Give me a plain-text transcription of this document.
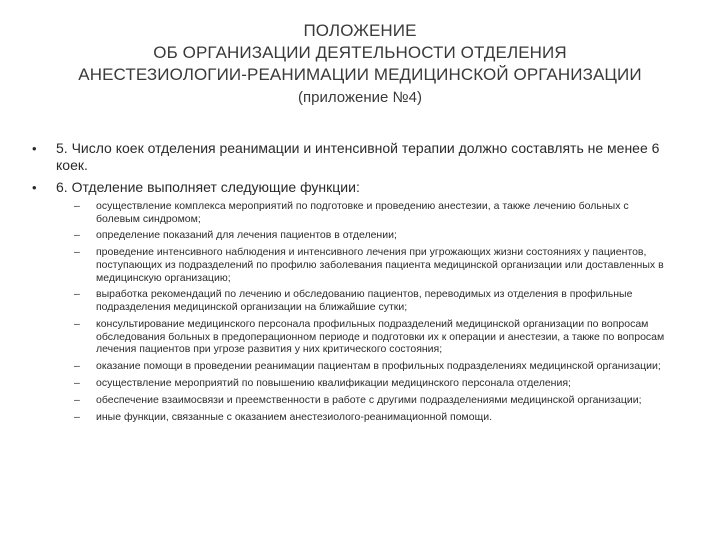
ПОЛОЖЕНИЕ
ОБ ОРГАНИЗАЦИИ ДЕЯТЕЛЬНОСТИ ОТДЕЛЕНИЯ
АНЕСТЕЗИОЛОГИИ-РЕАНИМАЦИИ МЕДИЦИНСКОЙ ОРГАНИЗАЦИИ
(приложение №4)
• 5. Число коек отделения реанимации и интенсивной терапии должно составлять не менее 6 коек.
• 6. Отделение выполняет следующие функции:
– осуществление комплекса мероприятий по подготовке и проведению анестезии, а также лечению больных с болевым синдромом;
– определение показаний для лечения пациентов в отделении;
– проведение интенсивного наблюдения и интенсивного лечения при угрожающих жизни состояниях у пациентов, поступающих из подразделений по профилю заболевания пациента медицинской организации или доставленных в медицинскую организацию;
– выработка рекомендаций по лечению и обследованию пациентов, переводимых из отделения в профильные подразделения медицинской организации на ближайшие сутки;
– консультирование медицинского персонала профильных подразделений медицинской организации по вопросам обследования больных в предоперационном периоде и подготовки их к операции и анестезии, а также по вопросам лечения пациентов при угрозе развития у них критического состояния;
– оказание помощи в проведении реанимации пациентам в профильных подразделениях медицинской организации;
– осуществление мероприятий по повышению квалификации медицинского персонала отделения;
– обеспечение взаимосвязи и преемственности в работе с другими подразделениями медицинской организации;
– иные функции, связанные с оказанием анестезиолого-реанимационной помощи.
